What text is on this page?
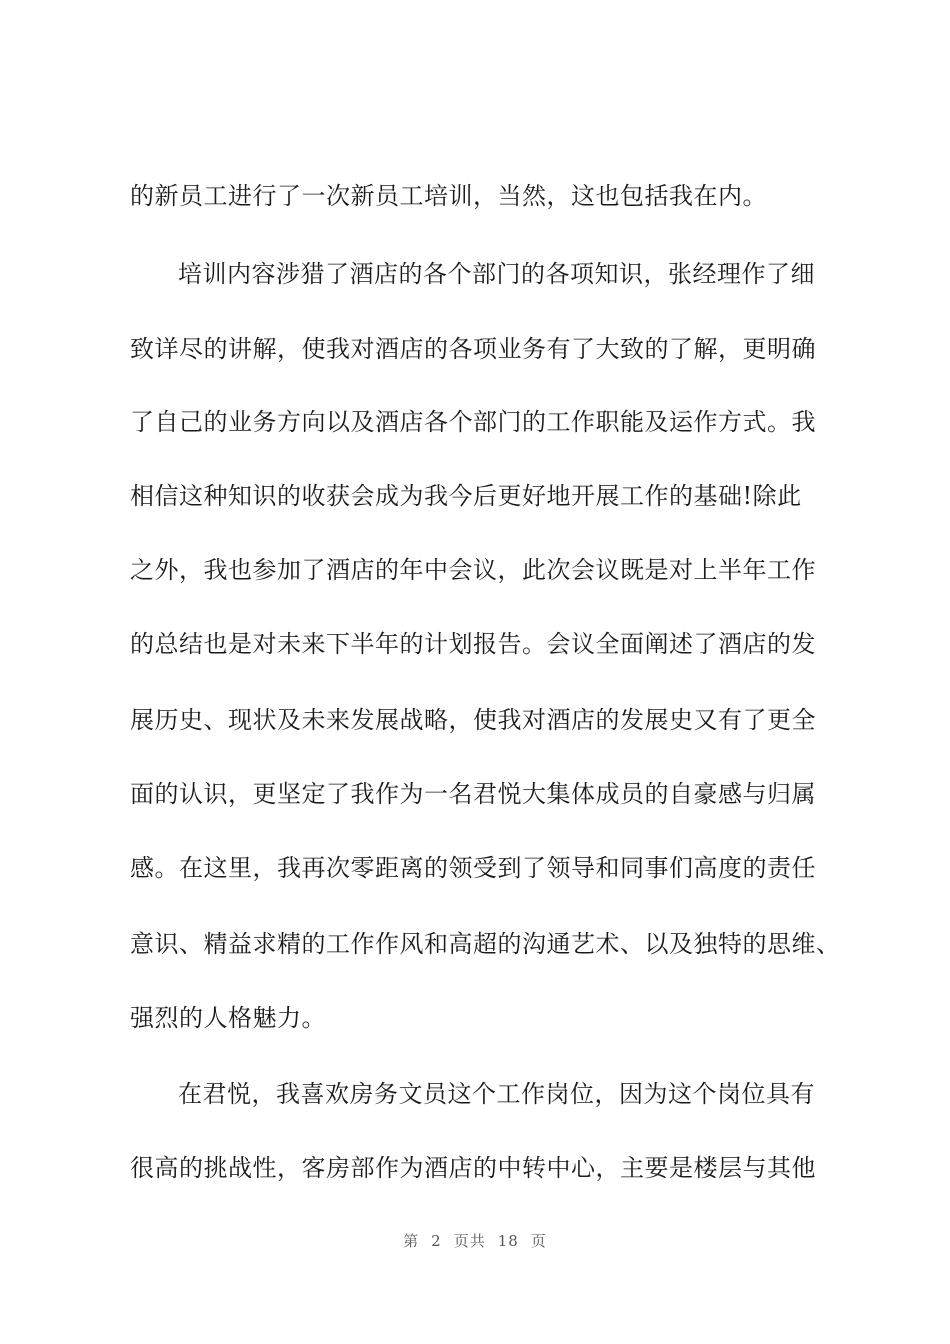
的新员工进行了一次新员工培训，当然，这也包括我在内。
培训内容涉猎了酒店的各个部门的各项知识，张经理作了细
致详尽的讲解，使我对酒店的各项业务有了大致的了解，更明确
了自己的业务方向以及酒店各个部门的工作职能及运作方式。我
相信这种知识的收获会成为我今后更好地开展工作的基础!除此
之外，我也参加了酒店的年中会议，此次会议既是对上半年工作
的总结也是对未来下半年的计划报告。会议全面阐述了酒店的发
展历史、现状及未来发展战略，使我对酒店的发展史又有了更全
面的认识，更坚定了我作为一名君悦大集体成员的自豪感与归属
感。在这里，我再次零距离的领受到了领导和同事们高度的责任
意识、精益求精的工作作风和高超的沟通艺术、以及独特的思维、
强烈的人格魅力。
在君悦，我喜欢房务文员这个工作岗位，因为这个岗位具有
很高的挑战性，客房部作为酒店的中转中心，主要是楼层与其他
第 2 页共 18 页
